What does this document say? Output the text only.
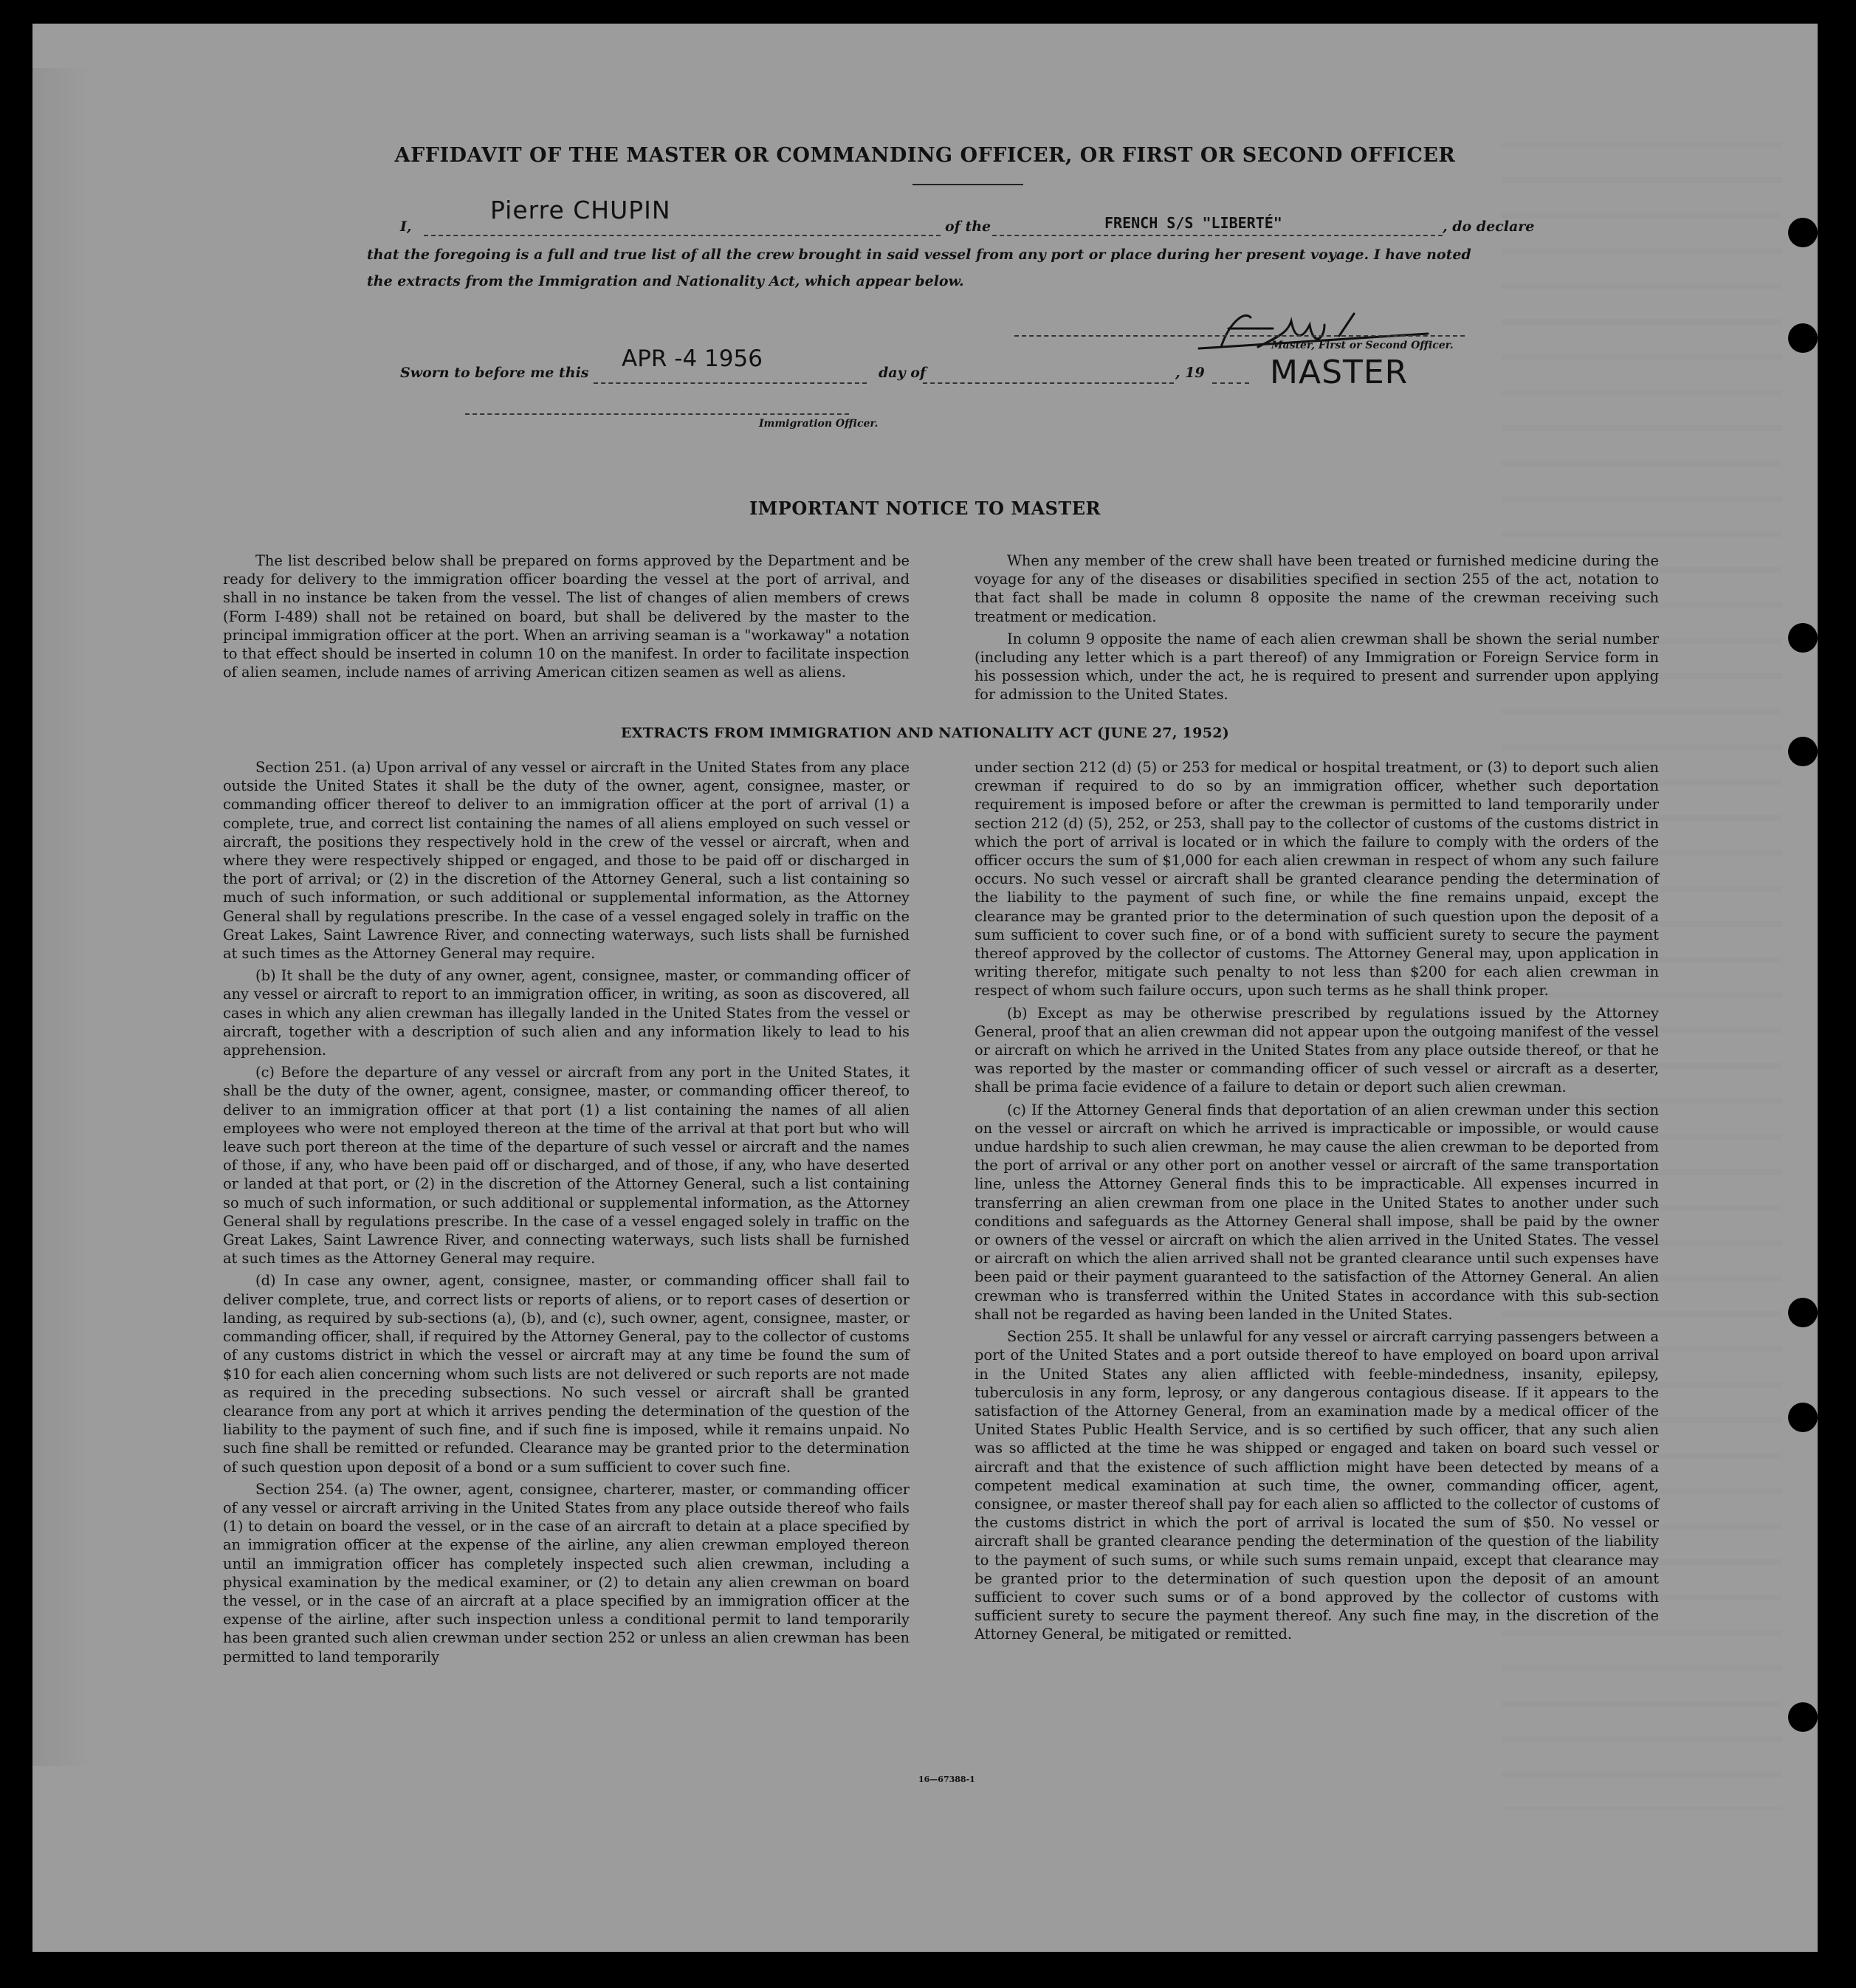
AFFIDAVIT OF THE MASTER OR COMMANDING OFFICER, OR FIRST OR SECOND OFFICER
I,
Pierre CHUPIN
of the	FRENCH S/S "LIBERTÉ"	, do declare
that the foregoing is a full and true list of all the crew brought in said vessel from any port or place during her present voyage. I have noted
the extracts from the Immigration and Nationality Act, which appear below.
Master, First or Second Officer.
MASTER
Sworn to before me this
APR -4 1956
day of	, 19
Immigration Officer.
IMPORTANT NOTICE TO MASTER

The list described below shall be prepared on forms approved by the Department and be ready for delivery to the immigration officer boarding the vessel at the port of arrival, and shall in no instance be taken from the vessel. The list of changes of alien members of crews (Form I-489) shall not be retained on board, but shall be delivered by the master to the principal immigration officer at the port. When an arriving seaman is a "workaway" a notation to that effect should be inserted in column 10 on the manifest. In order to facilitate inspection of alien seamen, include names of arriving American citizen seamen as well as aliens.

When any member of the crew shall have been treated or furnished medicine during the voyage for any of the diseases or disabilities specified in section 255 of the act, notation to that fact shall be made in column 8 opposite the name of the crewman receiving such treatment or medication.

In column 9 opposite the name of each alien crewman shall be shown the serial number (including any letter which is a part thereof) of any Immigration or Foreign Service form in his possession which, under the act, he is required to present and surrender upon applying for admission to the United States.

EXTRACTS FROM IMMIGRATION AND NATIONALITY ACT (JUNE 27, 1952)

Section 251. (a) Upon arrival of any vessel or aircraft in the United States from any place outside the United States it shall be the duty of the owner, agent, consignee, master, or commanding officer thereof to deliver to an immigration officer at the port of arrival (1) a complete, true, and correct list containing the names of all aliens employed on such vessel or aircraft, the positions they respectively hold in the crew of the vessel or aircraft, when and where they were respectively shipped or engaged, and those to be paid off or discharged in the port of arrival; or (2) in the discretion of the Attorney General, such a list containing so much of such information, or such additional or supplemental information, as the Attorney General shall by regulations prescribe. In the case of a vessel engaged solely in traffic on the Great Lakes, Saint Lawrence River, and connecting waterways, such lists shall be furnished at such times as the Attorney General may require.

(b) It shall be the duty of any owner, agent, consignee, master, or commanding officer of any vessel or aircraft to report to an immigration officer, in writing, as soon as discovered, all cases in which any alien crewman has illegally landed in the United States from the vessel or aircraft, together with a description of such alien and any information likely to lead to his apprehension.

(c) Before the departure of any vessel or aircraft from any port in the United States, it shall be the duty of the owner, agent, consignee, master, or commanding officer thereof, to deliver to an immigration officer at that port (1) a list containing the names of all alien employees who were not employed thereon at the time of the arrival at that port but who will leave such port thereon at the time of the departure of such vessel or aircraft and the names of those, if any, who have been paid off or discharged, and of those, if any, who have deserted or landed at that port, or (2) in the discretion of the Attorney General, such a list containing so much of such information, or such additional or supplemental information, as the Attorney General shall by regulations prescribe. In the case of a vessel engaged solely in traffic on the Great Lakes, Saint Lawrence River, and connecting waterways, such lists shall be furnished at such times as the Attorney General may require.

(d) In case any owner, agent, consignee, master, or commanding officer shall fail to deliver complete, true, and correct lists or reports of aliens, or to report cases of desertion or landing, as required by sub-sections (a), (b), and (c), such owner, agent, consignee, master, or commanding officer, shall, if required by the Attorney General, pay to the collector of customs of any customs district in which the vessel or aircraft may at any time be found the sum of $10 for each alien concerning whom such lists are not delivered or such reports are not made as required in the preceding subsections. No such vessel or aircraft shall be granted clearance from any port at which it arrives pending the determination of the question of the liability to the payment of such fine, and if such fine is imposed, while it remains unpaid. No such fine shall be remitted or refunded. Clearance may be granted prior to the determination of such question upon deposit of a bond or a sum sufficient to cover such fine.

Section 254. (a) The owner, agent, consignee, charterer, master, or commanding officer of any vessel or aircraft arriving in the United States from any place outside thereof who fails (1) to detain on board the vessel, or in the case of an aircraft to detain at a place specified by an immigration officer at the expense of the airline, any alien crewman employed thereon until an immigration officer has completely inspected such alien crewman, including a physical examination by the medical examiner, or (2) to detain any alien crewman on board the vessel, or in the case of an aircraft at a place specified by an immigration officer at the expense of the airline, after such inspection unless a conditional permit to land temporarily has been granted such alien crewman under section 252 or unless an alien crewman has been permitted to land temporarily

under section 212 (d) (5) or 253 for medical or hospital treatment, or (3) to deport such alien crewman if required to do so by an immigration officer, whether such deportation requirement is imposed before or after the crewman is permitted to land temporarily under section 212 (d) (5), 252, or 253, shall pay to the collector of customs of the customs district in which the port of arrival is located or in which the failure to comply with the orders of the officer occurs the sum of $1,000 for each alien crewman in respect of whom any such failure occurs. No such vessel or aircraft shall be granted clearance pending the determination of the liability to the payment of such fine, or while the fine remains unpaid, except the clearance may be granted prior to the determination of such question upon the deposit of a sum sufficient to cover such fine, or of a bond with sufficient surety to secure the payment thereof approved by the collector of customs. The Attorney General may, upon application in writing therefor, mitigate such penalty to not less than $200 for each alien crewman in respect of whom such failure occurs, upon such terms as he shall think proper.

(b) Except as may be otherwise prescribed by regulations issued by the Attorney General, proof that an alien crewman did not appear upon the outgoing manifest of the vessel or aircraft on which he arrived in the United States from any place outside thereof, or that he was reported by the master or commanding officer of such vessel or aircraft as a deserter, shall be prima facie evidence of a failure to detain or deport such alien crewman.

(c) If the Attorney General finds that deportation of an alien crewman under this section on the vessel or aircraft on which he arrived is impracticable or impossible, or would cause undue hardship to such alien crewman, he may cause the alien crewman to be deported from the port of arrival or any other port on another vessel or aircraft of the same transportation line, unless the Attorney General finds this to be impracticable. All expenses incurred in transferring an alien crewman from one place in the United States to another under such conditions and safeguards as the Attorney General shall impose, shall be paid by the owner or owners of the vessel or aircraft on which the alien arrived in the United States. The vessel or aircraft on which the alien arrived shall not be granted clearance until such expenses have been paid or their payment guaranteed to the satisfaction of the Attorney General. An alien crewman who is transferred within the United States in accordance with this sub-section shall not be regarded as having been landed in the United States.

Section 255. It shall be unlawful for any vessel or aircraft carrying passengers between a port of the United States and a port outside thereof to have employed on board upon arrival in the United States any alien afflicted with feeble-mindedness, insanity, epilepsy, tuberculosis in any form, leprosy, or any dangerous contagious disease. If it appears to the satisfaction of the Attorney General, from an examination made by a medical officer of the United States Public Health Service, and is so certified by such officer, that any such alien was so afflicted at the time he was shipped or engaged and taken on board such vessel or aircraft and that the existence of such affliction might have been detected by means of a competent medical examination at such time, the owner, commanding officer, agent, consignee, or master thereof shall pay for each alien so afflicted to the collector of customs of the customs district in which the port of arrival is located the sum of $50. No vessel or aircraft shall be granted clearance pending the determination of the question of the liability to the payment of such sums, or while such sums remain unpaid, except that clearance may be granted prior to the determination of such question upon the deposit of an amount sufficient to cover such sums or of a bond approved by the collector of customs with sufficient surety to secure the payment thereof. Any such fine may, in the discretion of the Attorney General, be mitigated or remitted.

16—67388-1
